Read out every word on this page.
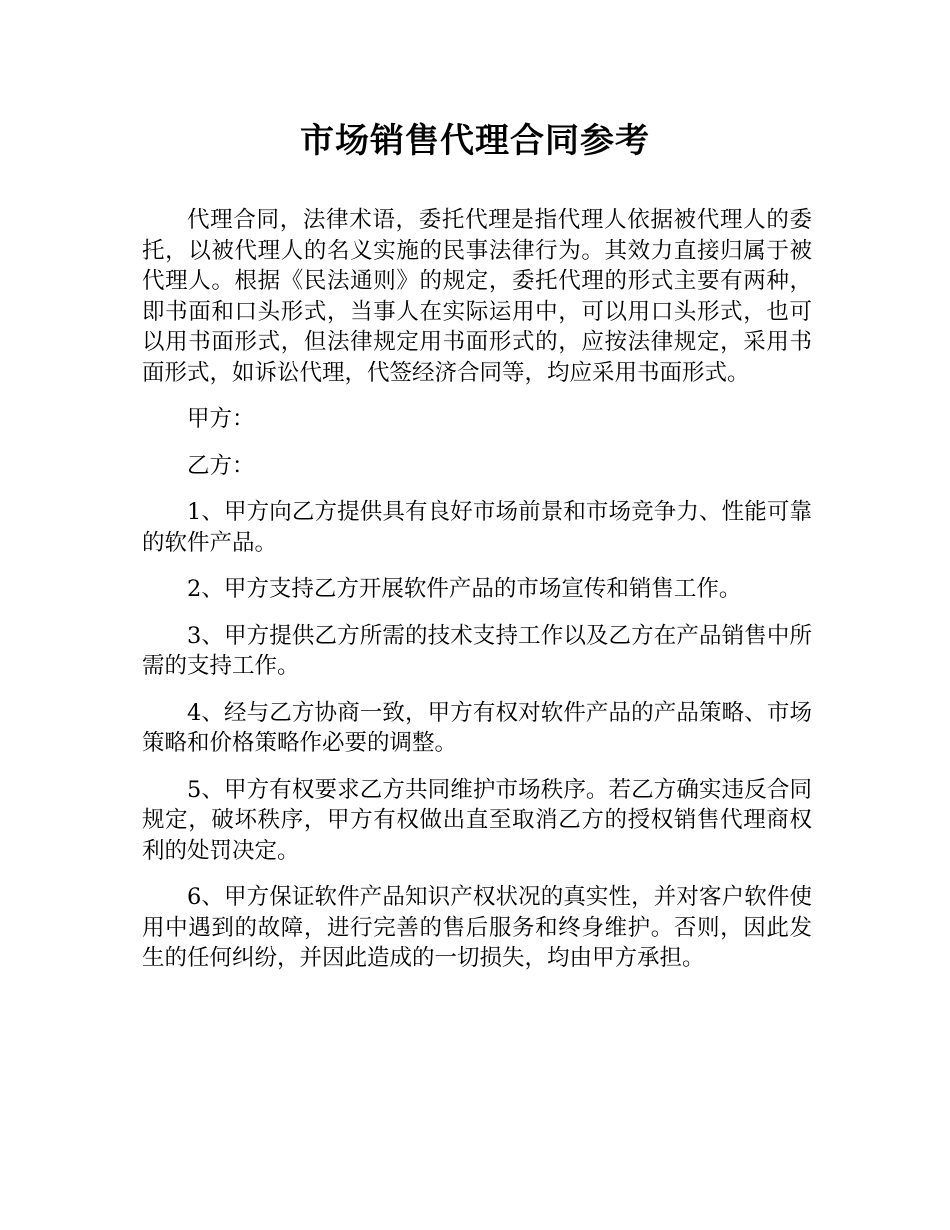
市场销售代理合同参考

代理合同，法律术语，委托代理是指代理人依据被代理人的委托，以被代理人的名义实施的民事法律行为。其效力直接归属于被代理人。根据《民法通则》的规定，委托代理的形式主要有两种，即书面和口头形式，当事人在实际运用中，可以用口头形式，也可以用书面形式，但法律规定用书面形式的，应按法律规定，采用书面形式，如诉讼代理，代签经济合同等，均应采用书面形式。

甲方：

乙方：

1、甲方向乙方提供具有良好市场前景和市场竞争力、性能可靠的软件产品。

2、甲方支持乙方开展软件产品的市场宣传和销售工作。

3、甲方提供乙方所需的技术支持工作以及乙方在产品销售中所需的支持工作。

4、经与乙方协商一致，甲方有权对软件产品的产品策略、市场策略和价格策略作必要的调整。

5、甲方有权要求乙方共同维护市场秩序。若乙方确实违反合同规定，破坏秩序，甲方有权做出直至取消乙方的授权销售代理商权利的处罚决定。

6、甲方保证软件产品知识产权状况的真实性，并对客户软件使用中遇到的故障，进行完善的售后服务和终身维护。否则，因此发生的任何纠纷，并因此造成的一切损失，均由甲方承担。
